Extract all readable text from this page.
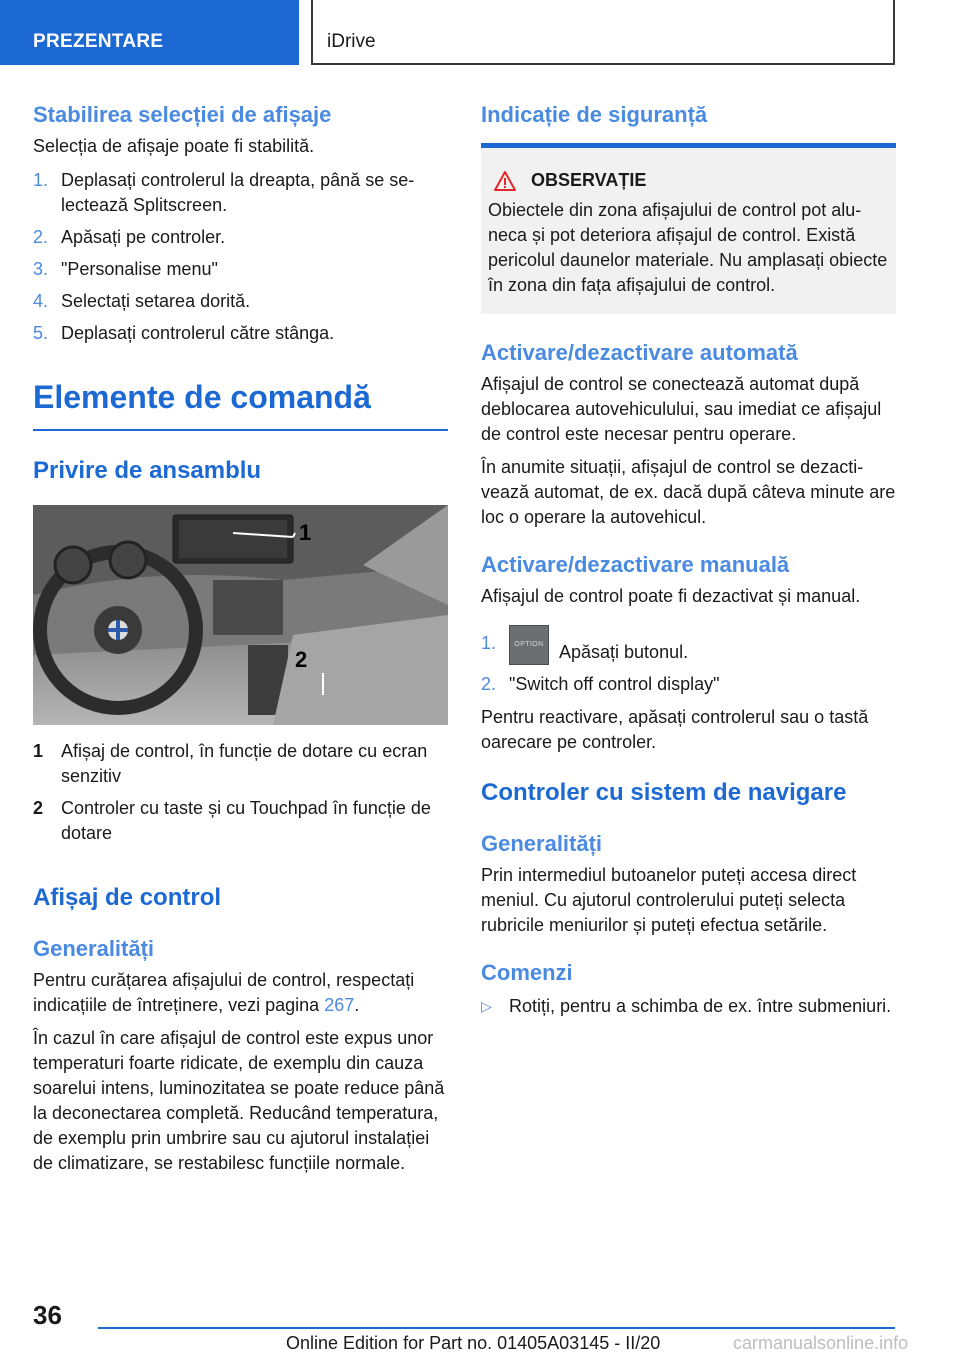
PREZENTARE	iDrive
Stabilirea selecției de afișaje
Selecția de afișaje poate fi stabilită.
1. Deplasați controlerul la dreapta, până se selectează Splitscreen.
2. Apăsați pe controler.
3. "Personalise menu"
4. Selectați setarea dorită.
5. Deplasați controlerul către stânga.
Elemente de comandă
Privire de ansamblu
1
2
1 Afișaj de control, în funcție de dotare cu ecran senzitiv
2 Controler cu taste și cu Touchpad în funcție de dotare
Afișaj de control
Generalități
Pentru curățarea afișajului de control, respectați indicațiile de întreținere, vezi pagina 267.
În cazul în care afișajul de control este expus unor temperaturi foarte ridicate, de exemplu din cauza soarelui intens, luminozitatea se poate reduce până la deconectarea completă. Reducând temperatura, de exemplu prin umbrire sau cu ajutorul instalației de climatizare, se restabilesc funcțiile normale.
Indicație de siguranță
OBSERVAȚIE
Obiectele din zona afișajului de control pot aluneca și pot deteriora afișajul de control. Există pericolul daunelor materiale. Nu amplasați obiecte în zona din fața afișajului de control.
Activare/dezactivare automată
Afișajul de control se conectează automat după deblocarea autovehiculului, sau imediat ce afișajul de control este necesar pentru operare.
În anumite situații, afișajul de control se dezactivează automat, de ex. dacă după câteva minute are loc o operare la autovehicul.
Activare/dezactivare manuală
Afișajul de control poate fi dezactivat și manual.
1.	OPTION Apăsați butonul.
2. "Switch off control display"
Pentru reactivare, apăsați controlerul sau o tastă oarecare pe controler.
Controler cu sistem de navigare
Generalități
Prin intermediul butoanelor puteți accesa direct meniul. Cu ajutorul controlerului puteți selecta rubricile meniurilor și puteți efectua setările.
Comenzi
▷ Rotiți, pentru a schimba de ex. între submeniuri.
36
Online Edition for Part no. 01405A03145 - II/20	carmanualsonline.info
